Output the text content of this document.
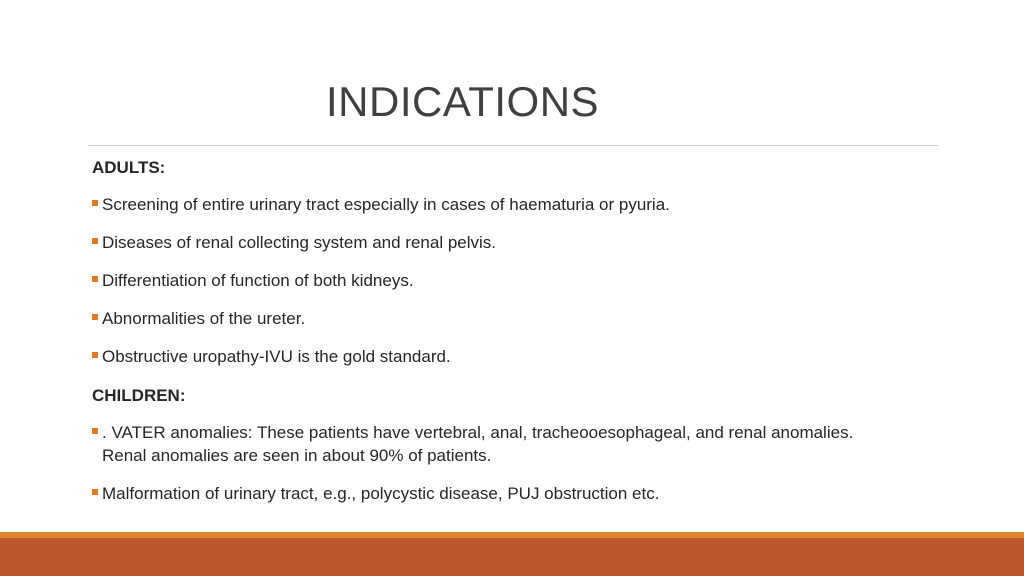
INDICATIONS
ADULTS:
Screening of entire urinary tract especially in cases of haematuria or pyuria.
Diseases of renal collecting system and renal pelvis.
Differentiation of function of both kidneys.
Abnormalities of the ureter.
Obstructive uropathy-IVU is the gold standard.
CHILDREN:
. VATER anomalies: These patients have vertebral, anal, tracheooesophageal, and renal anomalies. Renal anomalies are seen in about 90% of patients.
Malformation of urinary tract, e.g., polycystic disease, PUJ obstruction etc.
